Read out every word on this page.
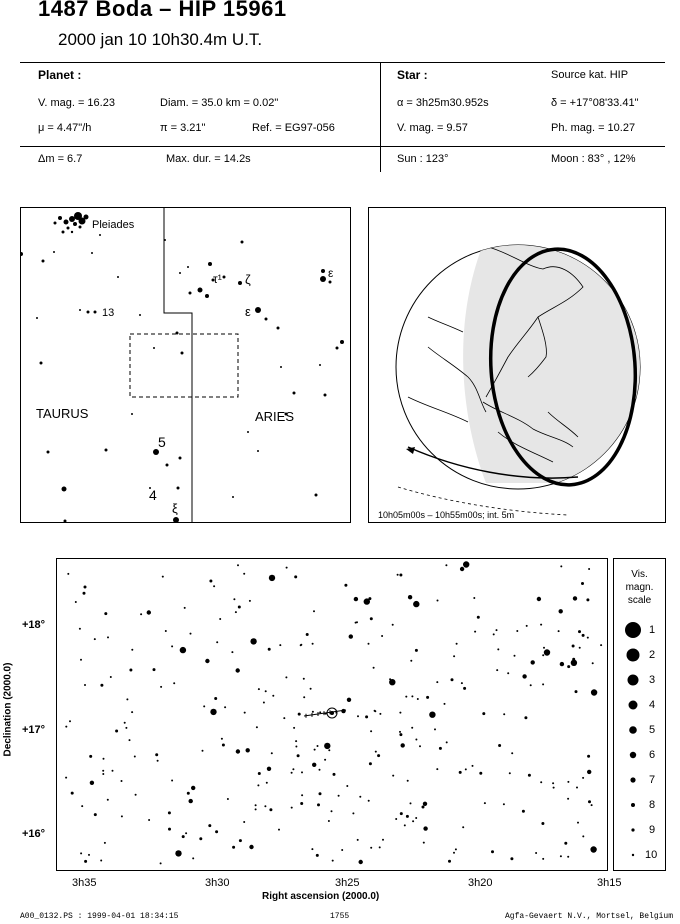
1487 Boda – HIP 15961
2000 jan 10 10h30.4m U.T.
Planet :
V. mag. = 16.23	Diam. = 35.0 km = 0.02"
μ = 4.47"/h	π = 3.21"	Ref. = EG97-056
Star :	Source kat. HIP
α = 3h25m30.952s	δ = +17°08'33.41"
V. mag. = 9.57	Ph. mag. = 10.27
Δm = 6.7	Max. dur. = 14.2s	Sun : 123°	Moon : 83° , 12%
Pleiades
13
TAURUS	ARIES
5
4
τ¹ ζ
ε
ε
ξ	10h05m00s – 10h55m00s; int. 5m
Declination (2000.0)
+18°
+17°
+16°
3h35	3h30	3h25	3h20	3h15
Right ascension (2000.0)
Vis.
magn.
scale
1
2
3
4
5
6
7
8
9
10
A00_0132.PS : 1999-04-01 18:34:15	1755	Agfa-Gevaert N.V., Mortsel, Belgium
